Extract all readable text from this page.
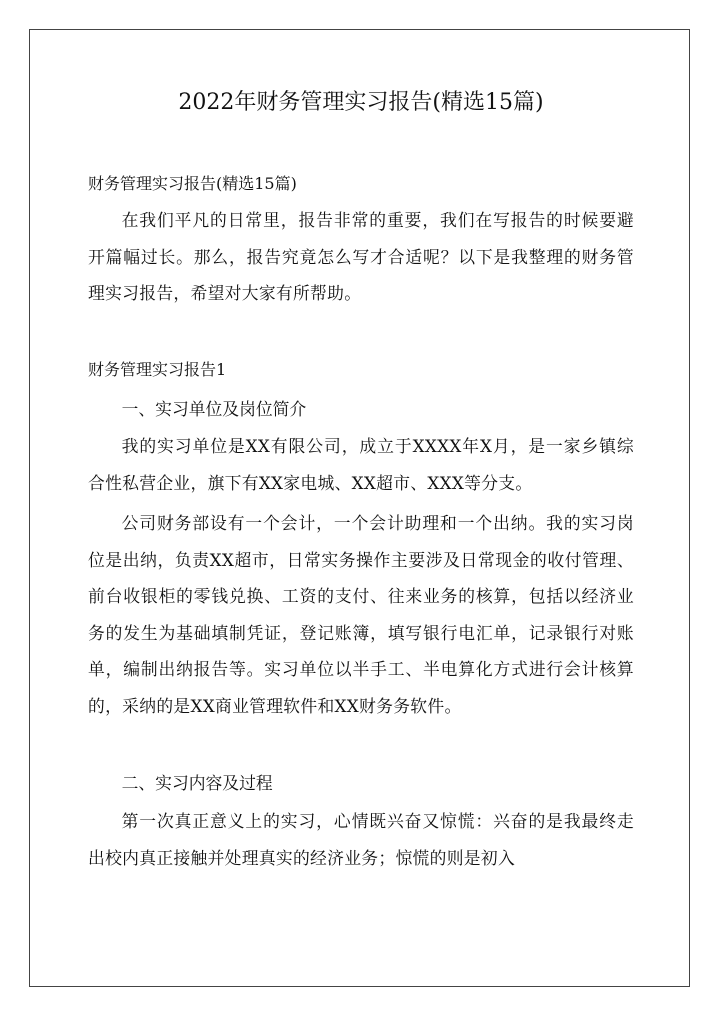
2022年财务管理实习报告(精选15篇)

财务管理实习报告(精选15篇)

在我们平凡的日常里，报告非常的重要，我们在写报告的时候要避开篇幅过长。那么，报告究竟怎么写才合适呢？以下是我整理的财务管理实习报告，希望对大家有所帮助。

财务管理实习报告1

一、实习单位及岗位简介

我的实习单位是XX有限公司，成立于XXXX年X月，是一家乡镇综合性私营企业，旗下有XX家电城、XX超市、XXX等分支。

公司财务部设有一个会计，一个会计助理和一个出纳。我的实习岗位是出纳，负责XX超市，日常实务操作主要涉及日常现金的收付管理、前台收银柜的零钱兑换、工资的支付、往来业务的核算，包括以经济业务的发生为基础填制凭证，登记账簿，填写银行电汇单，记录银行对账单，编制出纳报告等。实习单位以半手工、半电算化方式进行会计核算的，采纳的是XX商业管理软件和XX财务务软件。

二、实习内容及过程

第一次真正意义上的实习，心情既兴奋又惊慌：兴奋的是我最终走出校内真正接触并处理真实的经济业务；惊慌的则是初入
